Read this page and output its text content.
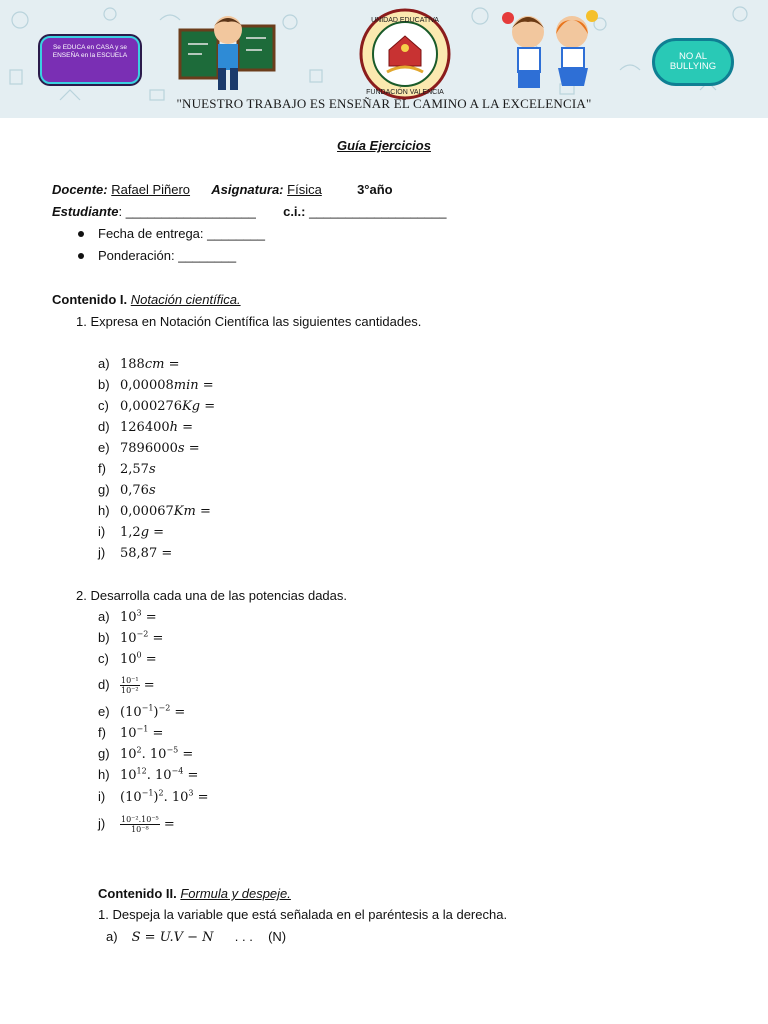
Se EDUCA en CASA y se ENSEÑA en la ESCUELA
UNIDAD EDUCATIVA
FUNDACIÓN VALENCIA
NO AL BULLYING
"NUESTRO TRABAJO ES ENSEÑAR EL CAMINO A LA EXCELENCIA"
Guía Ejercicios
Docente: Rafael Piñero Asignatura: Física	3°año
Estudiante: __________________ c.i.: ___________________
Fecha de entrega: ________
Ponderación: ________
Contenido I. Notación científica.
1. Expresa en Notación Científica las siguientes cantidades.
a) 188cm =
b) 0,00008min =
c) 0,000276Kg =
d) 126400h =
e) 7896000s =
f) 2,57s
g) 0,76s
h) 0,00067Km =
i) 1,2g =
j) 58,87 =
2. Desarrolla cada una de las potencias dadas.
a) $10^3$ =
b) $10^{-2}$ =
c) $10^0$ =
$d) \frac{\text{10⁻¹}}{\text{10⁻²}}$ =
e) $(10^{-1})^{-2}$ =
f) $10^{-1}$ =
g) $10^2$. $10^{-5}$ =
h) $10^{12}$. $10^{-4}$ =
i) $(10^{-1})^2$. $10^3$ =
$j) \frac{\text{10⁻².10⁻⁵}}{\text{10⁻⁸}}$ =
Contenido II. Formula y despeje.
1. Despeja la variable que está señalada en el paréntesis a la derecha.
a) S = U.V − N . . . (N)
